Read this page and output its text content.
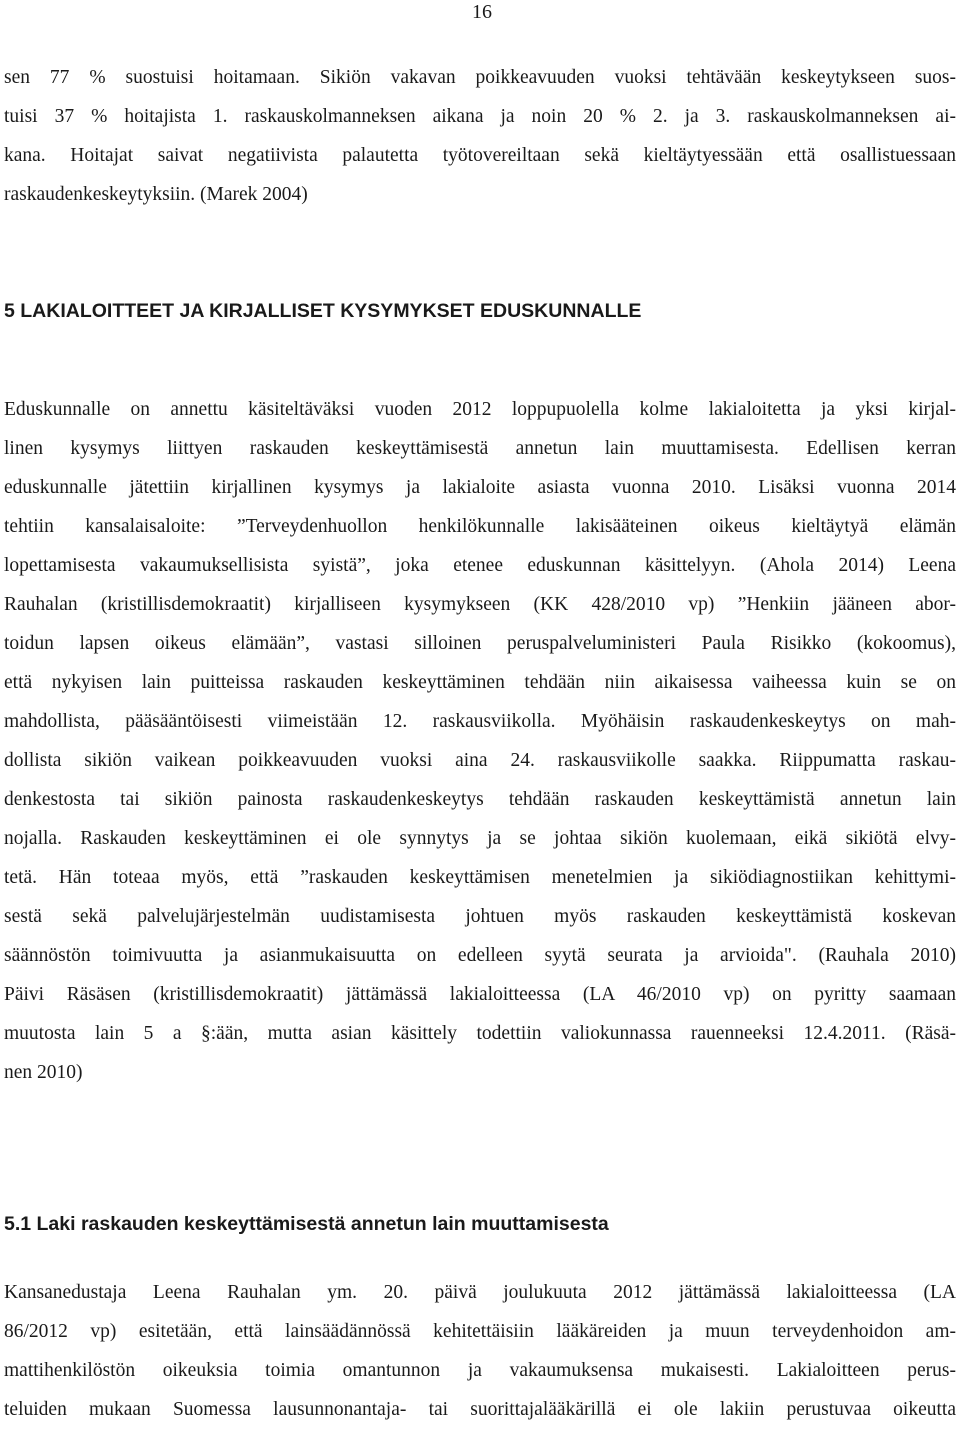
16
sen 77 % suostuisi hoitamaan. Sikiön vakavan poikkeavuuden vuoksi tehtävään keskeytykseen suos-
tuisi 37 % hoitajista 1. raskauskolmanneksen aikana ja noin 20 % 2. ja 3. raskauskolmanneksen ai-
kana. Hoitajat saivat negatiivista palautetta työtovereiltaan sekä kieltäytyessään että osallistuessaan
raskaudenkeskeytyksiin. (Marek 2004)
5 LAKIALOITTEET JA KIRJALLISET KYSYMYKSET EDUSKUNNALLE
Eduskunnalle on annettu käsiteltäväksi vuoden 2012 loppupuolella kolme lakialoitetta ja yksi kirjal-
linen kysymys liittyen raskauden keskeyttämisestä annetun lain muuttamisesta. Edellisen kerran
eduskunnalle jätettiin kirjallinen kysymys ja lakialoite asiasta vuonna 2010. Lisäksi vuonna 2014
tehtiin kansalaisaloite: ”Terveydenhuollon henkilökunnalle lakisääteinen oikeus kieltäytyä elämän
lopettamisesta vakaumuksellisista syistä”, joka etenee eduskunnan käsittelyyn. (Ahola 2014) Leena
Rauhalan (kristillisdemokraatit) kirjalliseen kysymykseen (KK 428/2010 vp) ”Henkiin jääneen abor-
toidun lapsen oikeus elämään”, vastasi silloinen peruspalveluministeri Paula Risikko (kokoomus),
että nykyisen lain puitteissa raskauden keskeyttäminen tehdään niin aikaisessa vaiheessa kuin se on
mahdollista, pääsääntöisesti viimeistään 12. raskausviikolla. Myöhäisin raskaudenkeskeytys on mah-
dollista sikiön vaikean poikkeavuuden vuoksi aina 24. raskausviikolle saakka. Riippumatta raskau-
denkestosta tai sikiön painosta raskaudenkeskeytys tehdään raskauden keskeyttämistä annetun lain
nojalla. Raskauden keskeyttäminen ei ole synnytys ja se johtaa sikiön kuolemaan, eikä sikiötä elvy-
tetä. Hän toteaa myös, että ”raskauden keskeyttämisen menetelmien ja sikiödiagnostiikan kehittymi-
sestä sekä palvelujärjestelmän uudistamisesta johtuen myös raskauden keskeyttämistä koskevan
säännöstön toimivuutta ja asianmukaisuutta on edelleen syytä seurata ja arvioida". (Rauhala 2010)
Päivi Räsäsen (kristillisdemokraatit) jättämässä lakialoitteessa (LA 46/2010 vp) on pyritty saamaan
muutosta lain 5 a §:ään, mutta asian käsittely todettiin valiokunnassa rauenneeksi 12.4.2011. (Räsä-
nen 2010)
5.1 Laki raskauden keskeyttämisestä annetun lain muuttamisesta
Kansanedustaja Leena Rauhalan ym. 20. päivä joulukuuta 2012 jättämässä lakialoitteessa (LA
86/2012 vp) esitetään, että lainsäädännössä kehitettäisiin lääkäreiden ja muun terveydenhoidon am-
mattihenkilöstön oikeuksia toimia omantunnon ja vakaumuksensa mukaisesti. Lakialoitteen perus-
teluiden mukaan Suomessa lausunnonantaja- tai suorittajalääkärillä ei ole lakiin perustuvaa oikeutta
